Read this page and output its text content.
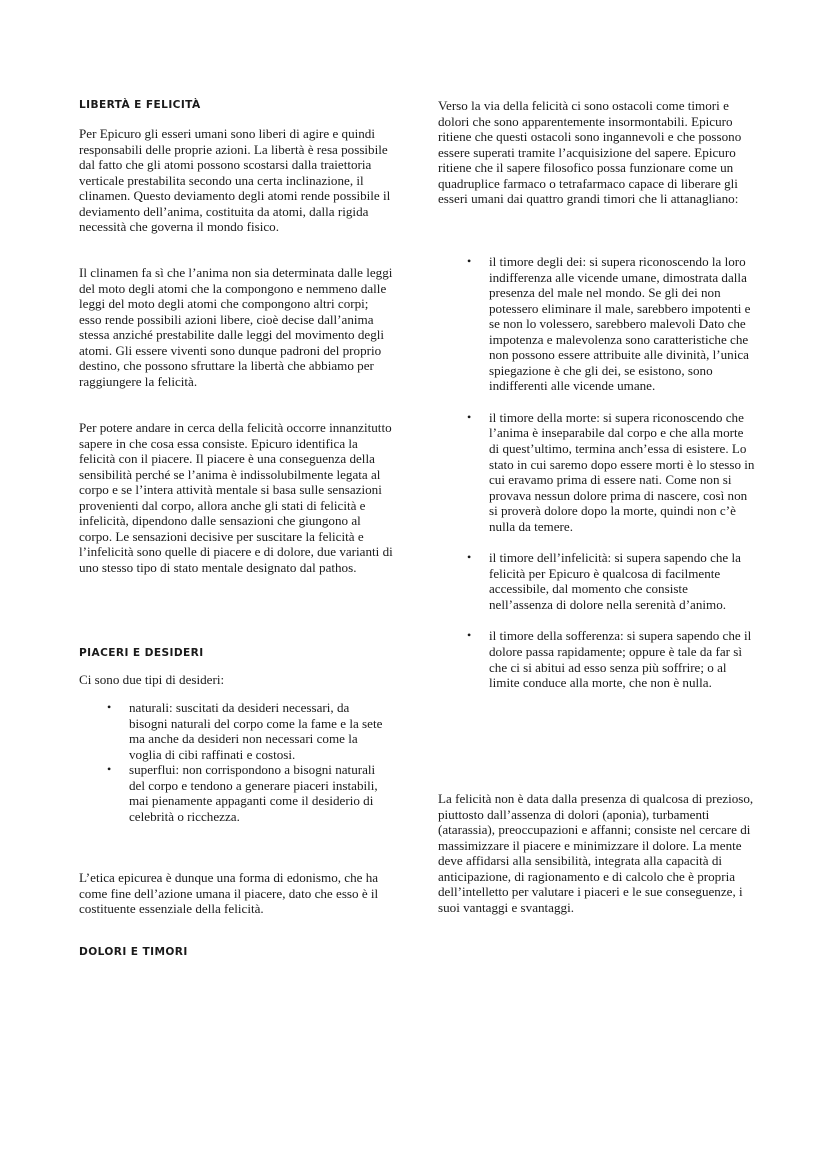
LIBERTÀ E FELICITÀ

Per Epicuro gli esseri umani sono liberi di agire e quindi responsabili delle proprie azioni. La libertà è resa possibile dal fatto che gli atomi possono scostarsi dalla traiettoria verticale prestabilita secondo una certa inclinazione, il clinamen. Questo deviamento degli atomi rende possibile il deviamento dell’anima, costituita da atomi, dalla rigida necessità che governa il mondo fisico.

Il clinamen fa sì che l’anima non sia determinata dalle leggi del moto degli atomi che la compongono e nemmeno dalle leggi del moto degli atomi che compongono altri corpi; esso rende possibili azioni libere, cioè decise dall’anima stessa anziché prestabilite dalle leggi del movimento degli atomi. Gli essere viventi sono dunque padroni del proprio destino, che possono sfruttare la libertà che abbiamo per raggiungere la felicità.

Per potere andare in cerca della felicità occorre innanzitutto sapere in che cosa essa consiste. Epicuro identifica la felicità con il piacere. Il piacere è una conseguenza della sensibilità perché se l’anima è indissolubilmente legata al corpo e se l’intera attività mentale si basa sulle sensazioni provenienti dal corpo, allora anche gli stati di felicità e infelicità, dipendono dalle sensazioni che giungono al corpo. Le sensazioni decisive per suscitare la felicità e l’infelicità sono quelle di piacere e di dolore, due varianti di uno stesso tipo di stato mentale designato dal pathos.

PIACERI E DESIDERI

Ci sono due tipi di desideri:

• naturali: suscitati da desideri necessari, da bisogni naturali del corpo come la fame e la sete ma anche da desideri non necessari come la voglia di cibi raffinati e costosi.
• superflui: non corrispondono a bisogni naturali del corpo e tendono a generare piaceri instabili, mai pienamente appaganti come il desiderio di celebrità o ricchezza.

L’etica epicurea è dunque una forma di edonismo, che ha come fine dell’azione umana il piacere, dato che esso è il costituente essenziale della felicità.

DOLORI E TIMORI

Verso la via della felicità ci sono ostacoli come timori e dolori che sono apparentemente insormontabili. Epicuro ritiene che questi ostacoli sono ingannevoli e che possono essere superati tramite l’acquisizione del sapere. Epicuro ritiene che il sapere filosofico possa funzionare come un quadruplice farmaco o tetrafarmaco capace di liberare gli esseri umani dai quattro grandi timori che li attanagliano:

• il timore degli dei: si supera riconoscendo la loro indifferenza alle vicende umane, dimostrata dalla presenza del male nel mondo. Se gli dei non potessero eliminare il male, sarebbero impotenti e se non lo volessero, sarebbero malevoli Dato che impotenza e malevolenza sono caratteristiche che non possono essere attribuite alle divinità, l’unica spiegazione è che gli dei, se esistono, sono indifferenti alle vicende umane.
• il timore della morte: si supera riconoscendo che l’anima è inseparabile dal corpo e che alla morte di quest’ultimo, termina anch’essa di esistere. Lo stato in cui saremo dopo essere morti è lo stesso in cui eravamo prima di essere nati. Come non si provava nessun dolore prima di nascere, così non si proverà dolore dopo la morte, quindi non c’è nulla da temere.
• il timore dell’infelicità: si supera sapendo che la felicità per Epicuro è qualcosa di facilmente accessibile, dal momento che consiste nell’assenza di dolore nella serenità d’animo.
• il timore della sofferenza: si supera sapendo che il dolore passa rapidamente; oppure è tale da far sì che ci si abitui ad esso senza più soffrire; o al limite conduce alla morte, che non è nulla.

La felicità non è data dalla presenza di qualcosa di prezioso, piuttosto dall’assenza di dolori (aponia), turbamenti (atarassia), preoccupazioni e affanni; consiste nel cercare di massimizzare il piacere e minimizzare il dolore. La mente deve affidarsi alla sensibilità, integrata alla capacità di anticipazione, di ragionamento e di calcolo che è propria dell’intelletto per valutare i piaceri e le sue conseguenze, i suoi vantaggi e svantaggi.
